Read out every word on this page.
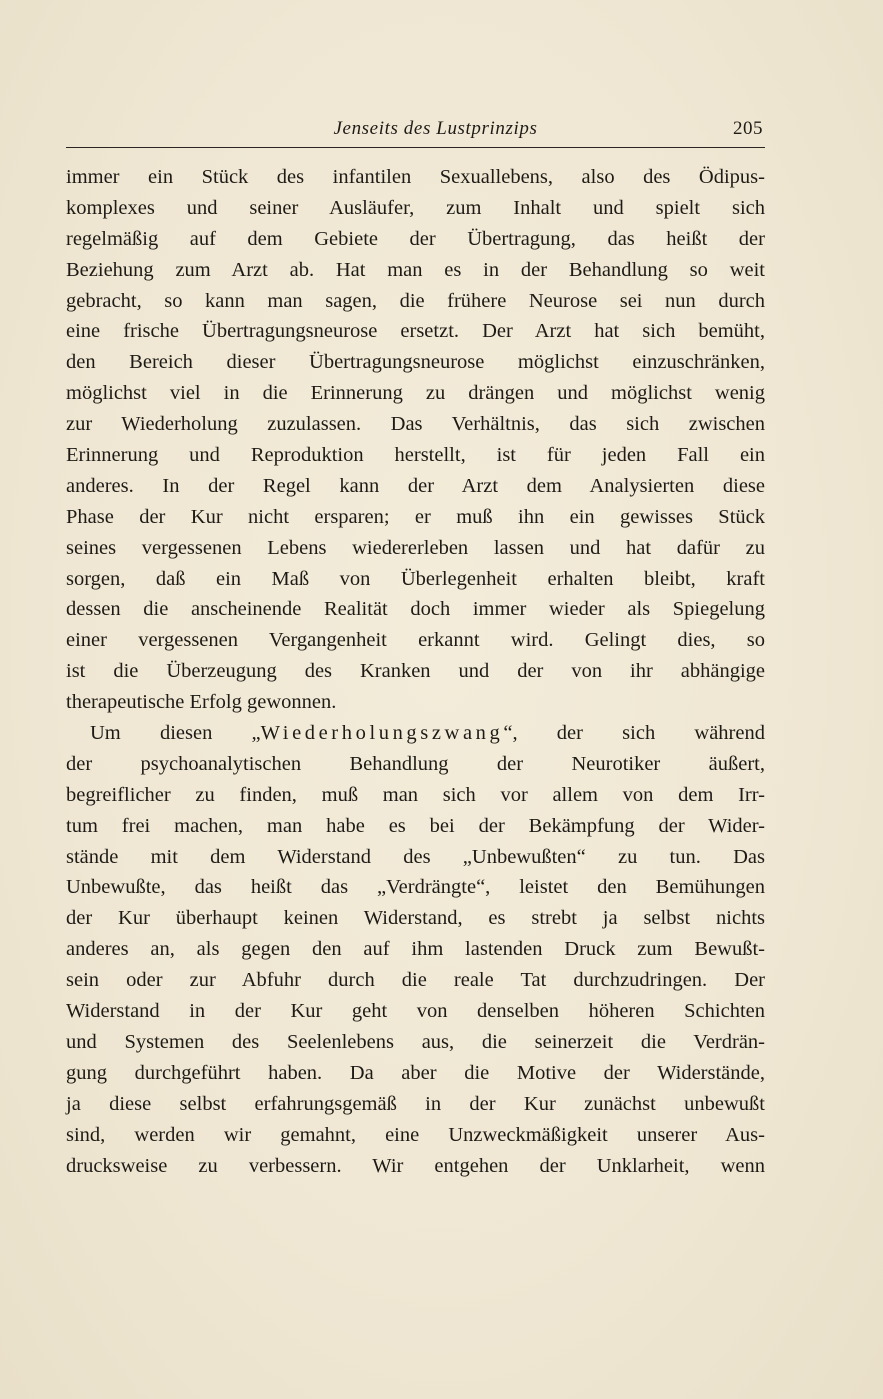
Jenseits des Lustprinzips	205
immer ein Stück des infantilen Sexuallebens, also des Ödipus-
komplexes und seiner Ausläufer, zum Inhalt und spielt sich
regelmäßig auf dem Gebiete der Übertragung, das heißt der
Beziehung zum Arzt ab. Hat man es in der Behandlung so weit
gebracht, so kann man sagen, die frühere Neurose sei nun durch
eine frische Übertragungsneurose ersetzt. Der Arzt hat sich bemüht,
den Bereich dieser Übertragungsneurose möglichst einzuschränken,
möglichst viel in die Erinnerung zu drängen und möglichst wenig
zur Wiederholung zuzulassen. Das Verhältnis, das sich zwischen
Erinnerung und Reproduktion herstellt, ist für jeden Fall ein
anderes. In der Regel kann der Arzt dem Analysierten diese
Phase der Kur nicht ersparen; er muß ihn ein gewisses Stück
seines vergessenen Lebens wiedererleben lassen und hat dafür zu
sorgen, daß ein Maß von Überlegenheit erhalten bleibt, kraft
dessen die anscheinende Realität doch immer wieder als Spiegelung
einer vergessenen Vergangenheit erkannt wird. Gelingt dies, so
ist die Überzeugung des Kranken und der von ihr abhängige
therapeutische Erfolg gewonnen.
Um diesen „Wiederholungszwang“, der sich während
der psychoanalytischen Behandlung der Neurotiker äußert,
begreiflicher zu finden, muß man sich vor allem von dem Irr-
tum frei machen, man habe es bei der Bekämpfung der Wider-
stände mit dem Widerstand des „Unbewußten“ zu tun. Das
Unbewußte, das heißt das „Verdrängte“, leistet den Bemühungen
der Kur überhaupt keinen Widerstand, es strebt ja selbst nichts
anderes an, als gegen den auf ihm lastenden Druck zum Bewußt-
sein oder zur Abfuhr durch die reale Tat durchzudringen. Der
Widerstand in der Kur geht von denselben höheren Schichten
und Systemen des Seelenlebens aus, die seinerzeit die Verdrän-
gung durchgeführt haben. Da aber die Motive der Widerstände,
ja diese selbst erfahrungsgemäß in der Kur zunächst unbewußt
sind, werden wir gemahnt, eine Unzweckmäßigkeit unserer Aus-
drucksweise zu verbessern. Wir entgehen der Unklarheit, wenn
